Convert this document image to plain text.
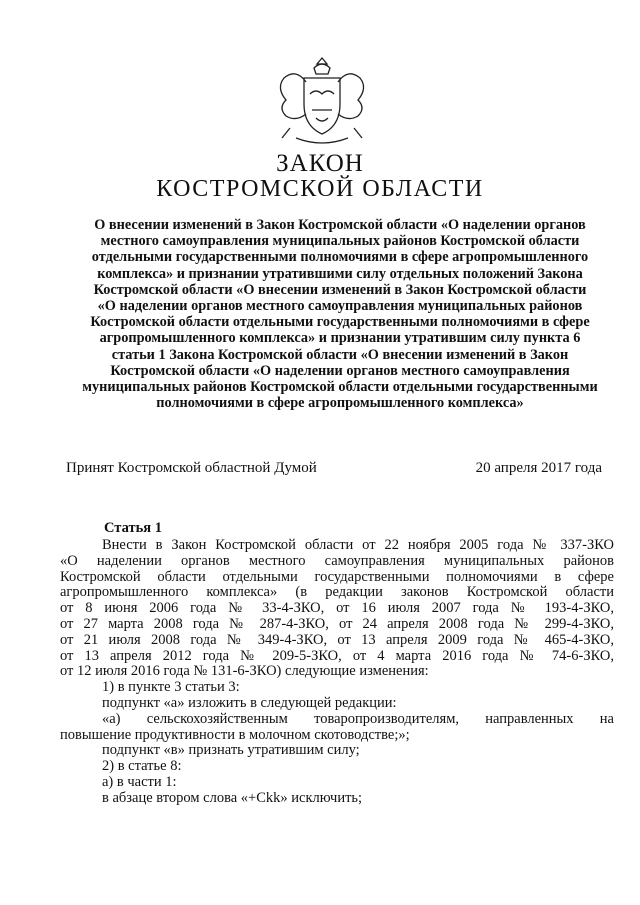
ЗАКОН
КОСТРОМСКОЙ ОБЛАСТИ
О внесении изменений в Закон Костромской области «О наделении органов
местного самоуправления муниципальных районов Костромской области
отдельными государственными полномочиями в сфере агропромышленного
комплекса» и признании утратившими силу отдельных положений Закона
Костромской области «О внесении изменений в Закон Костромской области
«О наделении органов местного самоуправления муниципальных районов
Костромской области отдельными государственными полномочиями в сфере
агропромышленного комплекса» и признании утратившим силу пункта 6
статьи 1 Закона Костромской области «О внесении изменений в Закон
Костромской области «О наделении органов местного самоуправления
муниципальных районов Костромской области отдельными государственными
полномочиями в сфере агропромышленного комплекса»
Принят Костромской областной Думой	20 апреля 2017 года
Статья 1
Внести в Закон Костромской области от 22 ноября 2005 года № 337-ЗКО
«О наделении органов местного самоуправления муниципальных районов
Костромской области отдельными государственными полномочиями в сфере
агропромышленного комплекса» (в редакции законов Костромской области
от 8 июня 2006 года № 33-4-ЗКО, от 16 июля 2007 года № 193-4-ЗКО,
от 27 марта 2008 года № 287-4-ЗКО, от 24 апреля 2008 года № 299-4-ЗКО,
от 21 июля 2008 года № 349-4-ЗКО, от 13 апреля 2009 года № 465-4-ЗКО,
от 13 апреля 2012 года № 209-5-ЗКО, от 4 марта 2016 года № 74-6-ЗКО,
от 12 июля 2016 года № 131-6-ЗКО) следующие изменения:
1) в пункте 3 статьи 3:
подпункт «а» изложить в следующей редакции:
«а) сельскохозяйственным товаропроизводителям, направленных на
повышение продуктивности в молочном скотоводстве;»;
подпункт «в» признать утратившим силу;
2) в статье 8:
а) в части 1:
в абзаце втором слова «+Ckk» исключить;
